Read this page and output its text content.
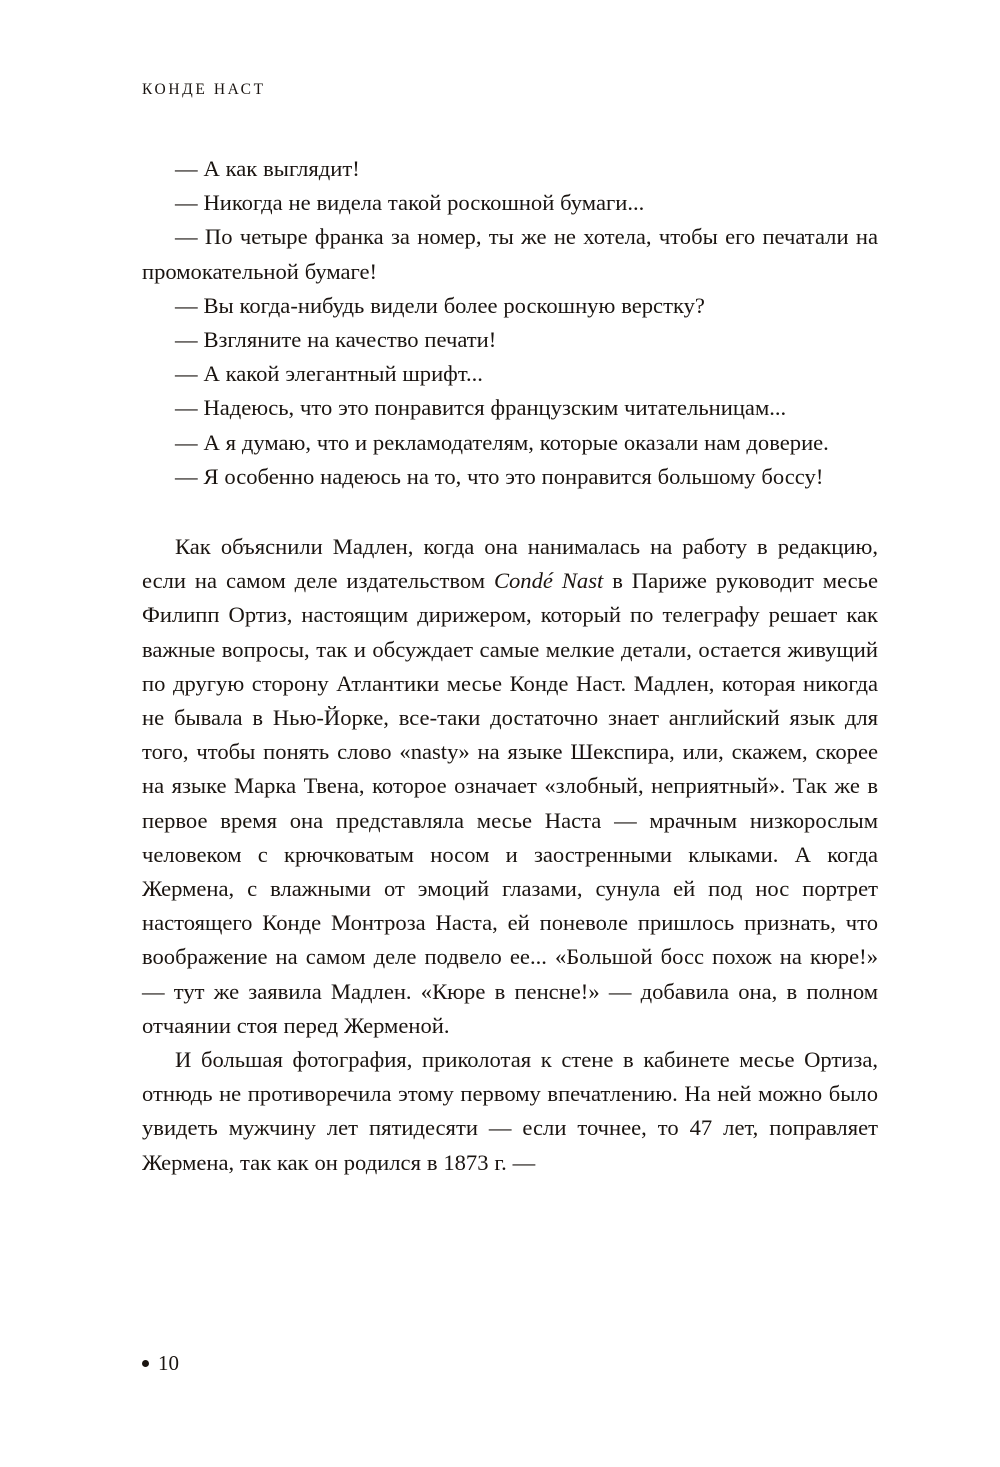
КОНДЕ НАСТ

— А как выглядит!

— Никогда не видела такой роскошной бумаги...

— По четыре франка за номер, ты же не хотела, чтобы его печатали на промокательной бумаге!

— Вы когда-нибудь видели более роскошную верстку?

— Взгляните на качество печати!

— А какой элегантный шрифт...

— Надеюсь, что это понравится французским читательницам...

— А я думаю, что и рекламодателям, которые оказали нам доверие.

— Я особенно надеюсь на то, что это понравится большому боссу!

Как объяснили Мадлен, когда она нанималась на работу в редакцию, если на самом деле издательством Condé Nast в Париже руководит месье Филипп Ортиз, настоящим дирижером, который по телеграфу решает как важные вопросы, так и обсуждает самые мелкие детали, остается живущий по другую сторону Атлантики месье Конде Наст. Мадлен, которая никогда не бывала в Нью-Йорке, все-таки достаточно знает английский язык для того, чтобы понять слово «nasty» на языке Шекспира, или, скажем, скорее на языке Марка Твена, которое означает «злобный, неприятный». Так же в первое время она представляла месье Наста — мрачным низкорослым человеком с крючковатым носом и заостренными клыками. А когда Жермена, с влажными от эмоций глазами, сунула ей под нос портрет настоящего Конде Монтроза Наста, ей поневоле пришлось признать, что воображение на самом деле подвело ее... «Большой босс похож на кюре!» — тут же заявила Мадлен. «Кюре в пенсне!» — добавила она, в полном отчаянии стоя перед Жерменой.

И большая фотография, приколотая к стене в кабинете месье Ортиза, отнюдь не противоречила этому первому впечатлению. На ней можно было увидеть мужчину лет пятидесяти — если точнее, то 47 лет, поправляет Жермена, так как он родился в 1873 г. —

10
